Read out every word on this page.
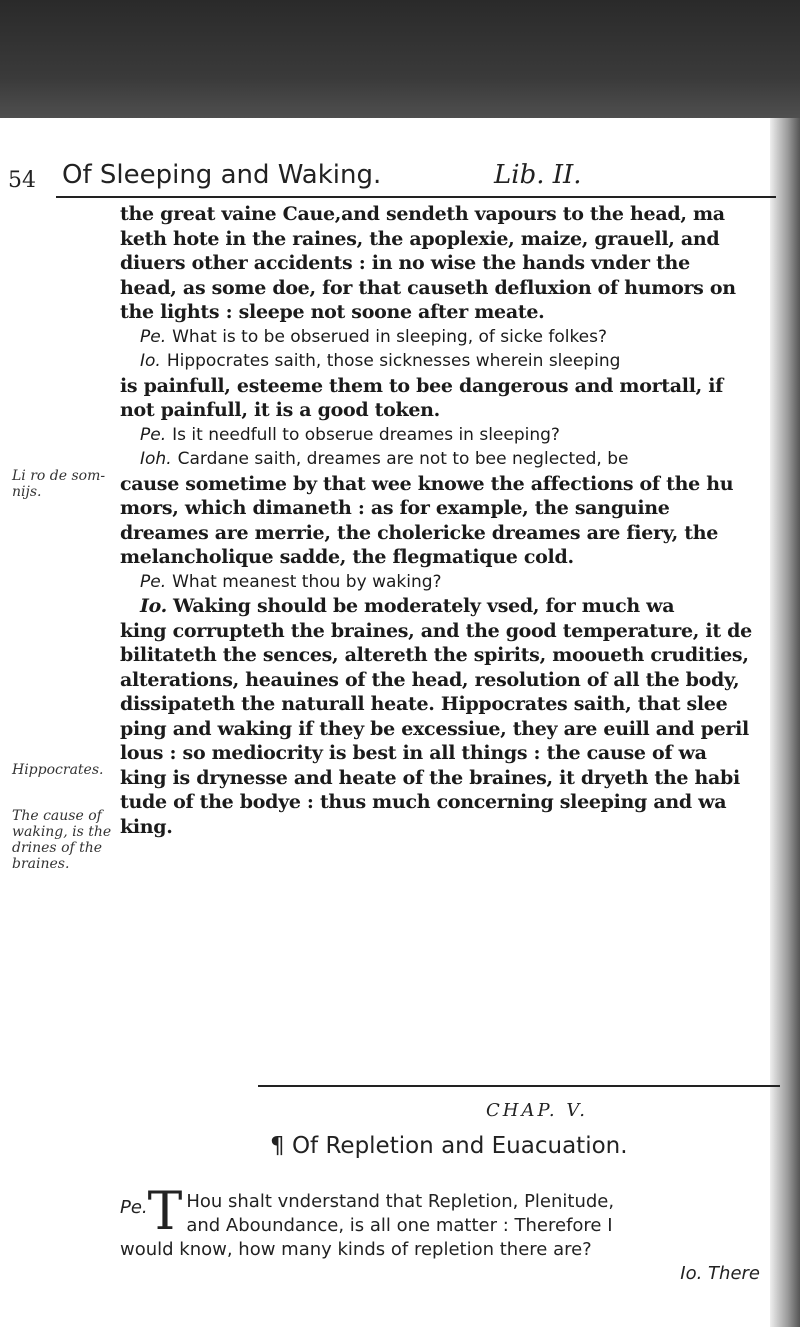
54 Of Sleeping and Waking.	Lib. II.

the great vaine Caue,and sendeth vapours to the head, ma

keth hote in the raines, the apoplexie, maize, grauell, and

diuers other accidents : in no wise the hands vnder the

head, as some doe, for that causeth defluxion of humors on

the lights : sleepe not soone after meate.

Pe. What is to be obserued in sleeping, of sicke folkes?

Io. Hippocrates saith, those sicknesses wherein sleeping

is painfull, esteeme them to bee dangerous and mortall, if

not painfull, it is a good token.

Pe. Is it needfull to obserue dreames in sleeping?

Ioh. Cardane saith, dreames are not to bee neglected, be

cause sometime by that wee knowe the affections of the hu

mors, which dimaneth : as for example, the sanguine

dreames are merrie, the cholericke dreames are fiery, the

melancholique sadde, the flegmatique cold.

Pe. What meanest thou by waking?

Io. Waking should be moderately vsed, for much wa

king corrupteth the braines, and the good temperature, it de

bilitateth the sences, altereth the spirits, mooueth crudities,

alterations, heauines of the head, resolution of all the body,

dissipateth the naturall heate. Hippocrates saith, that slee

ping and waking if they be excessiue, they are euill and peril

lous : so mediocrity is best in all things : the cause of wa

king is drynesse and heate of the braines, it dryeth the habi

tude of the bodye : thus much concerning sleeping and wa

king.

Li ro de som- nijs.
Hippocrates.
The cause of waking, is the drines of the braines.
CHAP. V.
¶ Of Repletion and Euacuation.
Pe. T Hou shalt vnderstand that Repletion, Plenitude,
and Aboundance, is all one matter : Therefore I
would know, how many kinds of repletion there are?
Io. There
